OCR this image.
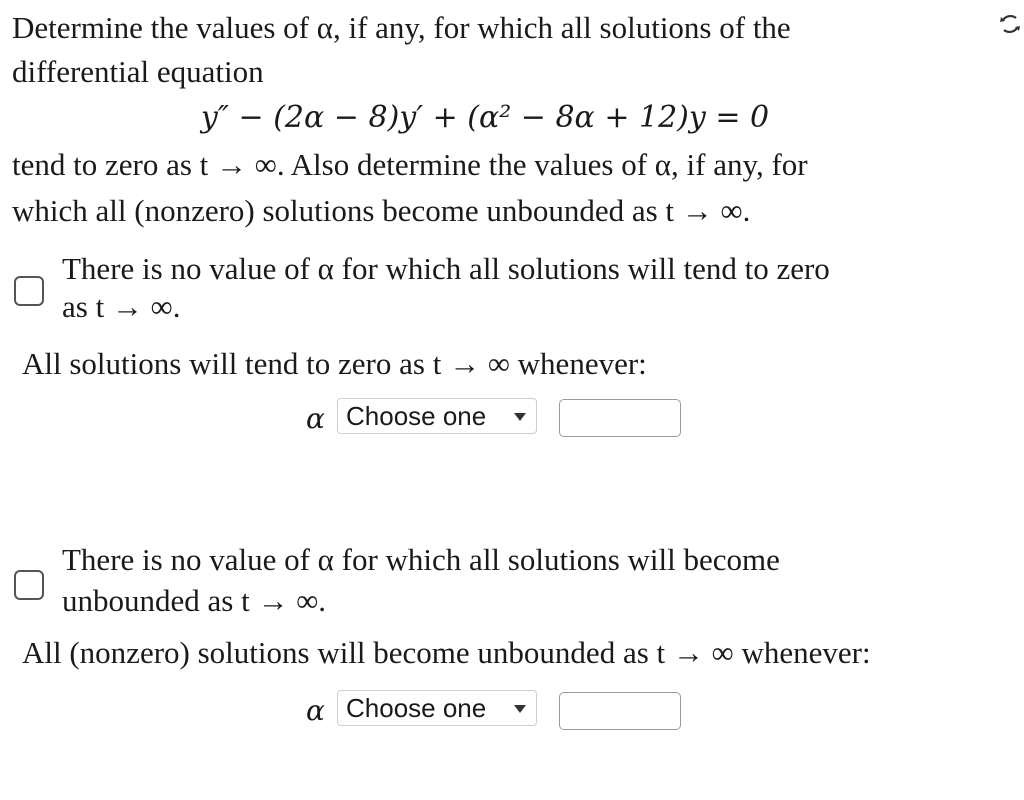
Determine the values of α, if any, for which all solutions of the

differential equation

y″ − (2α − 8)y′ + (α² − 8α + 12)y = 0

tend to zero as t → ∞. Also determine the values of α, if any, for

which all (nonzero) solutions become unbounded as t → ∞.

There is no value of α for which all solutions will tend to zero
as t → ∞.
All solutions will tend to zero as t → ∞ whenever:
α Choose one
There is no value of α for which all solutions will become
unbounded as t → ∞.
All (nonzero) solutions will become unbounded as t → ∞ whenever:
α Choose one
